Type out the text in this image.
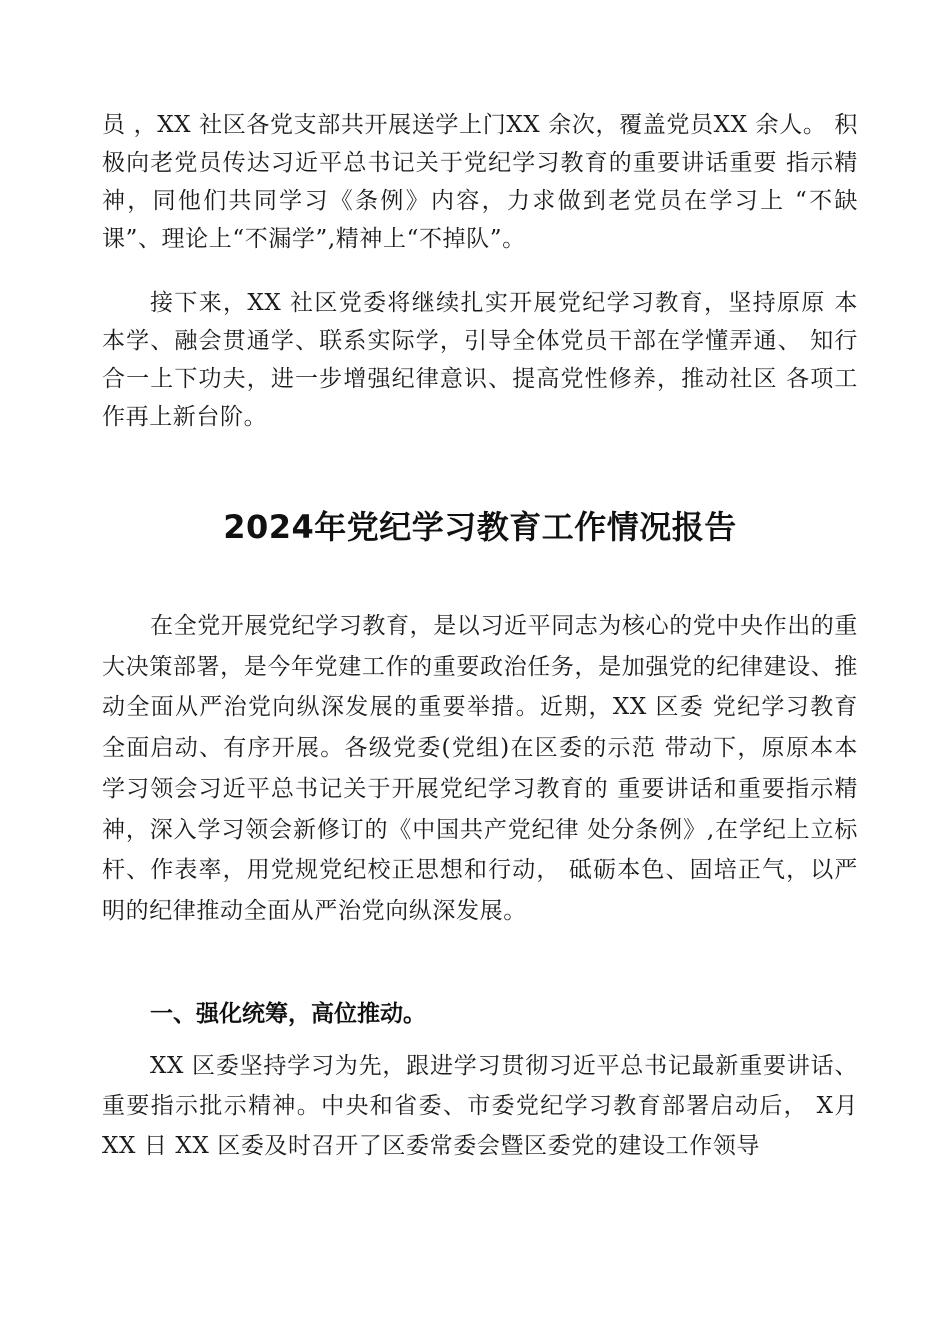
员 ，XX 社区各党支部共开展送学上门XX 余次，覆盖党员XX 余人。 积极向老党员传达习近平总书记关于党纪学习教育的重要讲话重要 指示精神，同他们共同学习《条例》内容，力求做到老党员在学习上 “不缺课”、理论上“不漏学”,精神上“不掉队”。

接下来，XX 社区党委将继续扎实开展党纪学习教育，坚持原原 本本学、融会贯通学、联系实际学，引导全体党员干部在学懂弄通、 知行合一上下功夫，进一步增强纪律意识、提高党性修养，推动社区 各项工作再上新台阶。

2024年党纪学习教育工作情况报告

在全党开展党纪学习教育，是以习近平同志为核心的党中央作出的重大决策部署，是今年党建工作的重要政治任务，是加强党的纪律建设、推动全面从严治党向纵深发展的重要举措。近期，XX 区委 党纪学习教育全面启动、有序开展。各级党委(党组)在区委的示范 带动下，原原本本学习领会习近平总书记关于开展党纪学习教育的 重要讲话和重要指示精神，深入学习领会新修订的《中国共产党纪律 处分条例》,在学纪上立标杆、作表率，用党规党纪校正思想和行动， 砥砺本色、固培正气，以严明的纪律推动全面从严治党向纵深发展。

一、强化统筹，高位推动。

XX 区委坚持学习为先，跟进学习贯彻习近平总书记最新重要讲话、重要指示批示精神。中央和省委、市委党纪学习教育部署启动后， X月 XX 日 XX 区委及时召开了区委常委会暨区委党的建设工作领导
